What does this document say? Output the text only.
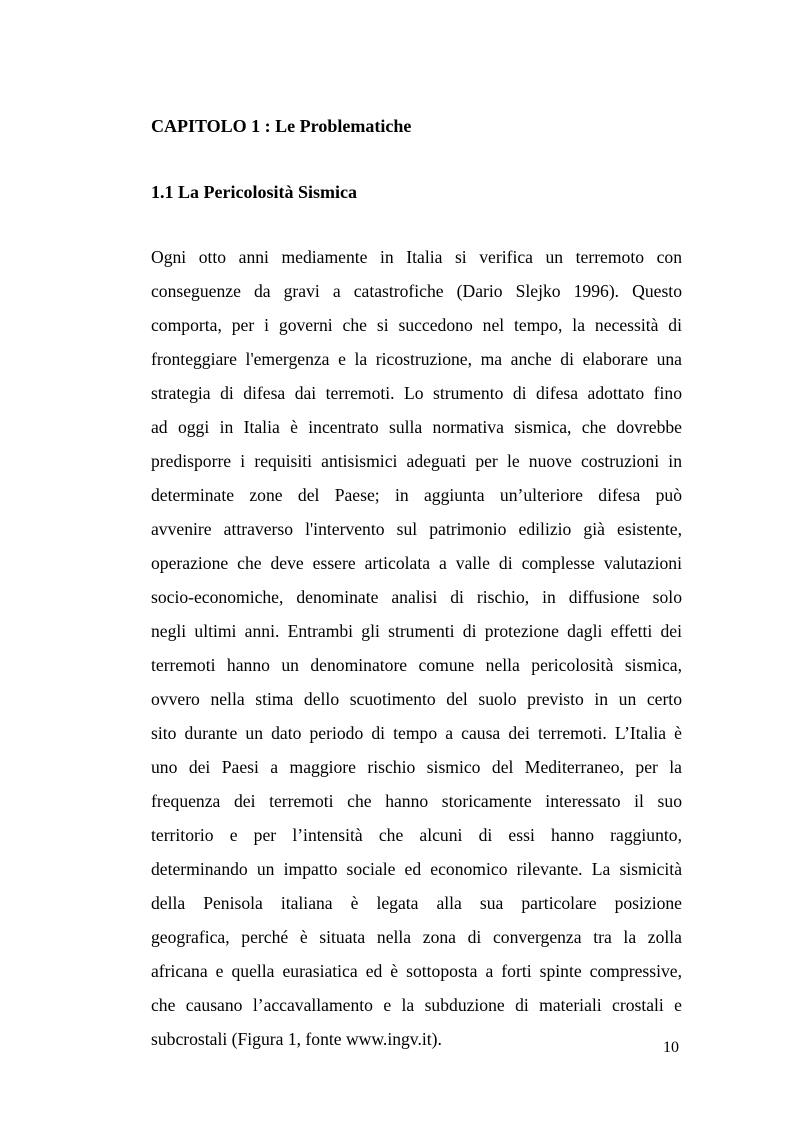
CAPITOLO 1 : Le Problematiche
1.1 La Pericolosità Sismica
Ogni otto anni mediamente in Italia si verifica un terremoto con
conseguenze da gravi a catastrofiche (Dario Slejko 1996). Questo
comporta, per i governi che si succedono nel tempo, la necessità di
fronteggiare l'emergenza e la ricostruzione, ma anche di elaborare una
strategia di difesa dai terremoti. Lo strumento di difesa adottato fino
ad oggi in Italia è incentrato sulla normativa sismica, che dovrebbe
predisporre i requisiti antisismici adeguati per le nuove costruzioni in
determinate zone del Paese; in aggiunta un’ulteriore difesa può
avvenire attraverso l'intervento sul patrimonio edilizio già esistente,
operazione che deve essere articolata a valle di complesse valutazioni
socio-economiche, denominate analisi di rischio, in diffusione solo
negli ultimi anni. Entrambi gli strumenti di protezione dagli effetti dei
terremoti hanno un denominatore comune nella pericolosità sismica,
ovvero nella stima dello scuotimento del suolo previsto in un certo
sito durante un dato periodo di tempo a causa dei terremoti. L’Italia è
uno dei Paesi a maggiore rischio sismico del Mediterraneo, per la
frequenza dei terremoti che hanno storicamente interessato il suo
territorio e per l’intensità che alcuni di essi hanno raggiunto,
determinando un impatto sociale ed economico rilevante. La sismicità
della Penisola italiana è legata alla sua particolare posizione
geografica, perché è situata nella zona di convergenza tra la zolla
africana e quella eurasiatica ed è sottoposta a forti spinte compressive,
che causano l’accavallamento e la subduzione di materiali crostali e
subcrostali (Figura 1, fonte www.ingv.it).	10
